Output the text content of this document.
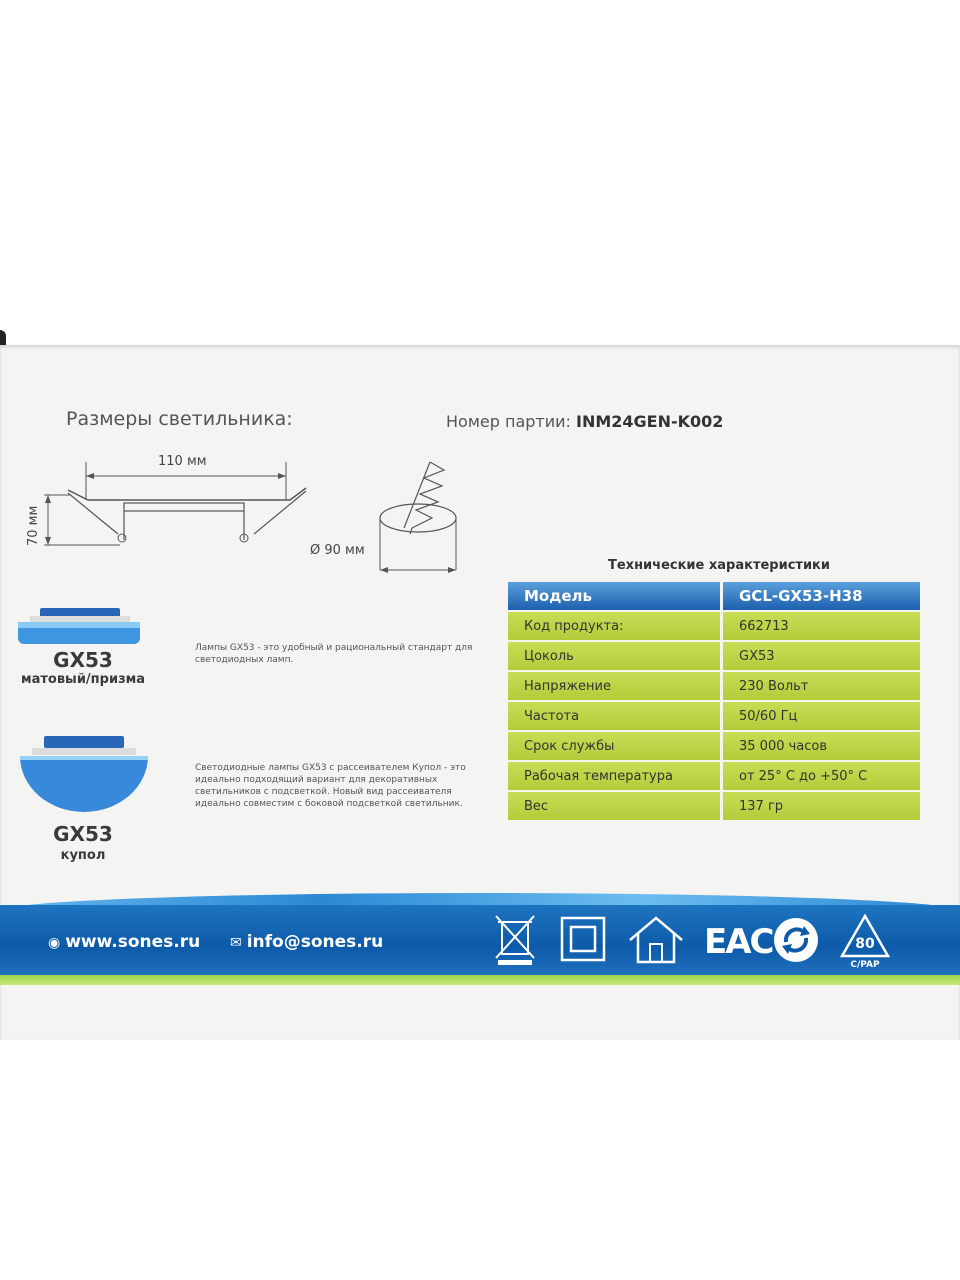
Размеры светильника:	Номер партии: INM24GEN-K002
110 мм
70 мм
Ø 90 мм
GX53
матовый/призма
Лампы GX53 - это удобный и рациональный стандарт для светодиодных ламп.
GX53
купол
Светодиодные лампы GX53 с рассеивателем Купол - это идеально подходящий вариант для декоративных светильников с подсветкой. Новый вид рассеивателя идеально совместим с боковой подсветкой светильник.
Технические характеристики
Модель	GCL-GX53-H38
Код продукта:	662713
Цоколь	GX53
Напряжение	230 Вольт
Частота	50/60 Гц
Срок службы	35 000 часов
Рабочая температура	от 25° С до +50° С
Вес	137 гр
◉ www.sones.ru ✉ info@sones.ru	EAC	80
C/PAP
